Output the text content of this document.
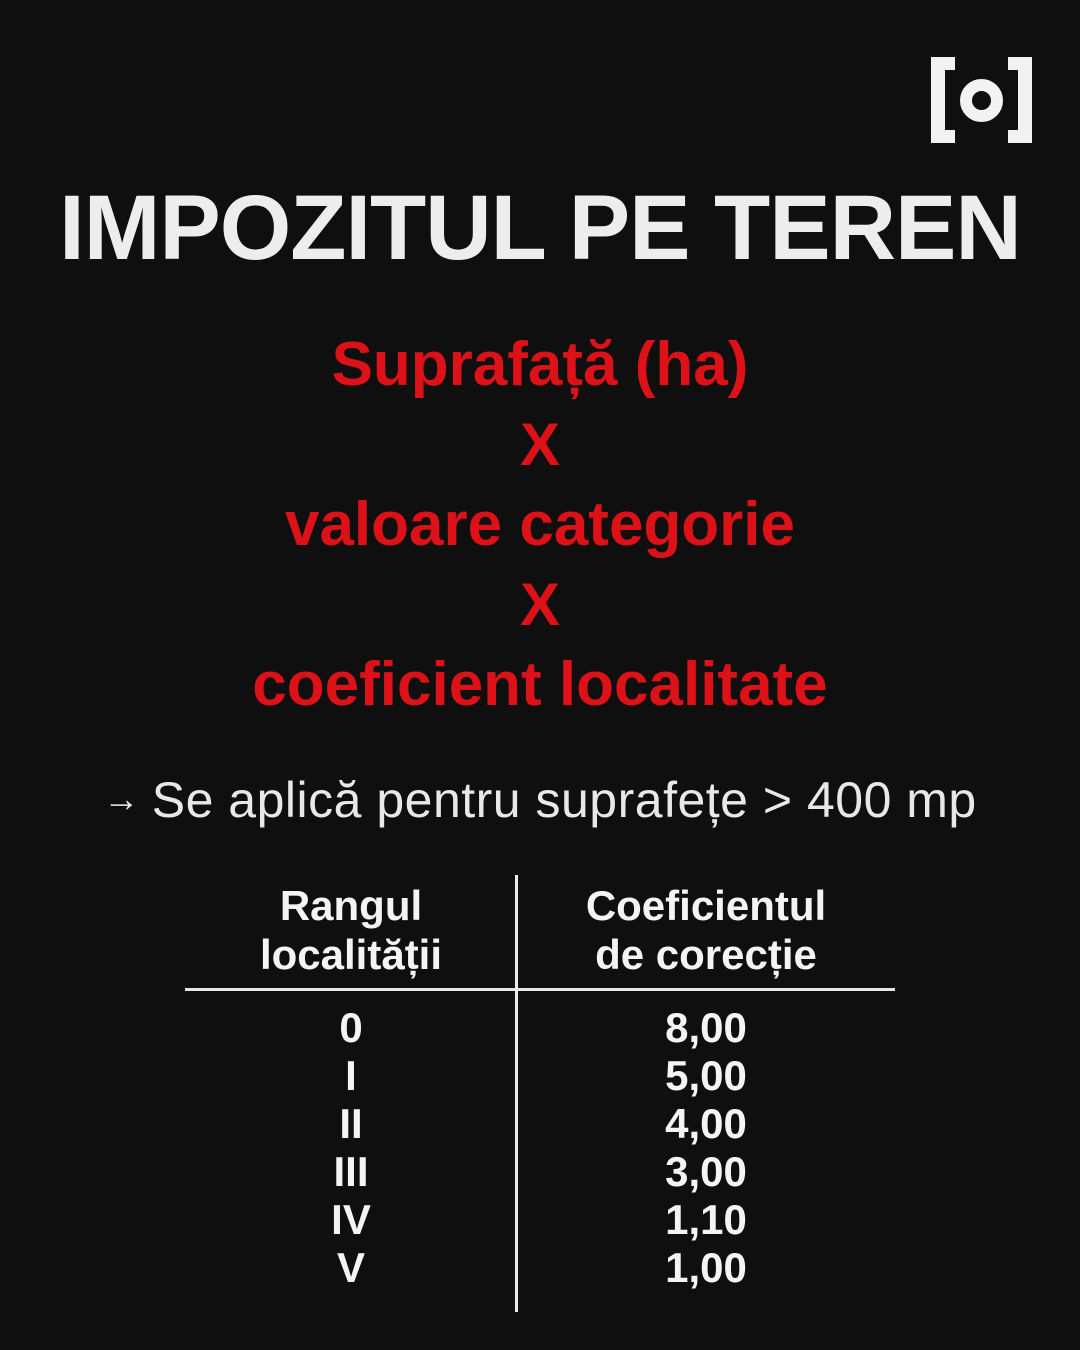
IMPOZITUL PE TEREN
Suprafață (ha)
X
valoare categorie
X
coeficient localitate
→ Se aplică pentru suprafețe > 400 mp
Rangul
localității
Coeficientul
de corecție
0	8,00
I	5,00
II	4,00
III	3,00
IV	1,10
V	1,00
